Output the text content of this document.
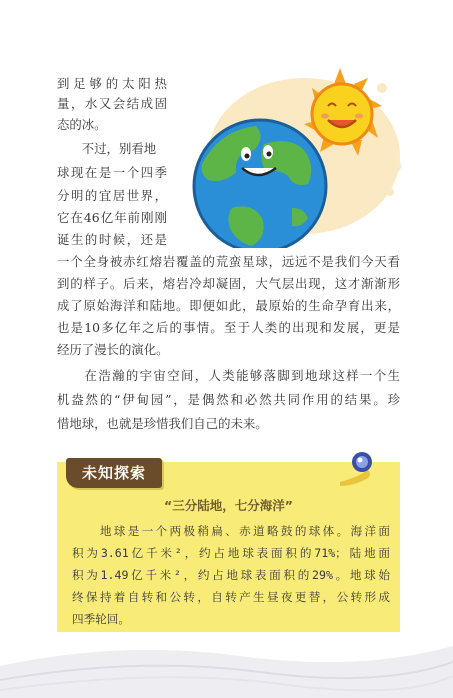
到足够的太阳热
量，水又会结成固
态的冰。
　　不过，别看地
球现在是一个四季
分明的宜居世界，
它在46亿年前刚刚
诞生的时候，还是
一个全身被赤红熔岩覆盖的荒蛮星球，远远不是我们今天看
到的样子。后来，熔岩冷却凝固，大气层出现，这才渐渐形
成了原始海洋和陆地。即便如此，最原始的生命孕育出来，
也是10多亿年之后的事情。至于人类的出现和发展，更是
经历了漫长的演化。
　　在浩瀚的宇宙空间，人类能够落脚到地球这样一个生
机盎然的“伊甸园”，是偶然和必然共同作用的结果。珍
惜地球，也就是珍惜我们自己的未来。
未知探索
“三分陆地，七分海洋”
　　地球是一个两极稍扁、赤道略鼓的球体。海洋面
积为3.61亿千米²，约占地球表面积的71%；陆地面
积为1.49亿千米²，约占地球表面积的29%。地球始
终保持着自转和公转，自转产生昼夜更替，公转形成
四季轮回。
